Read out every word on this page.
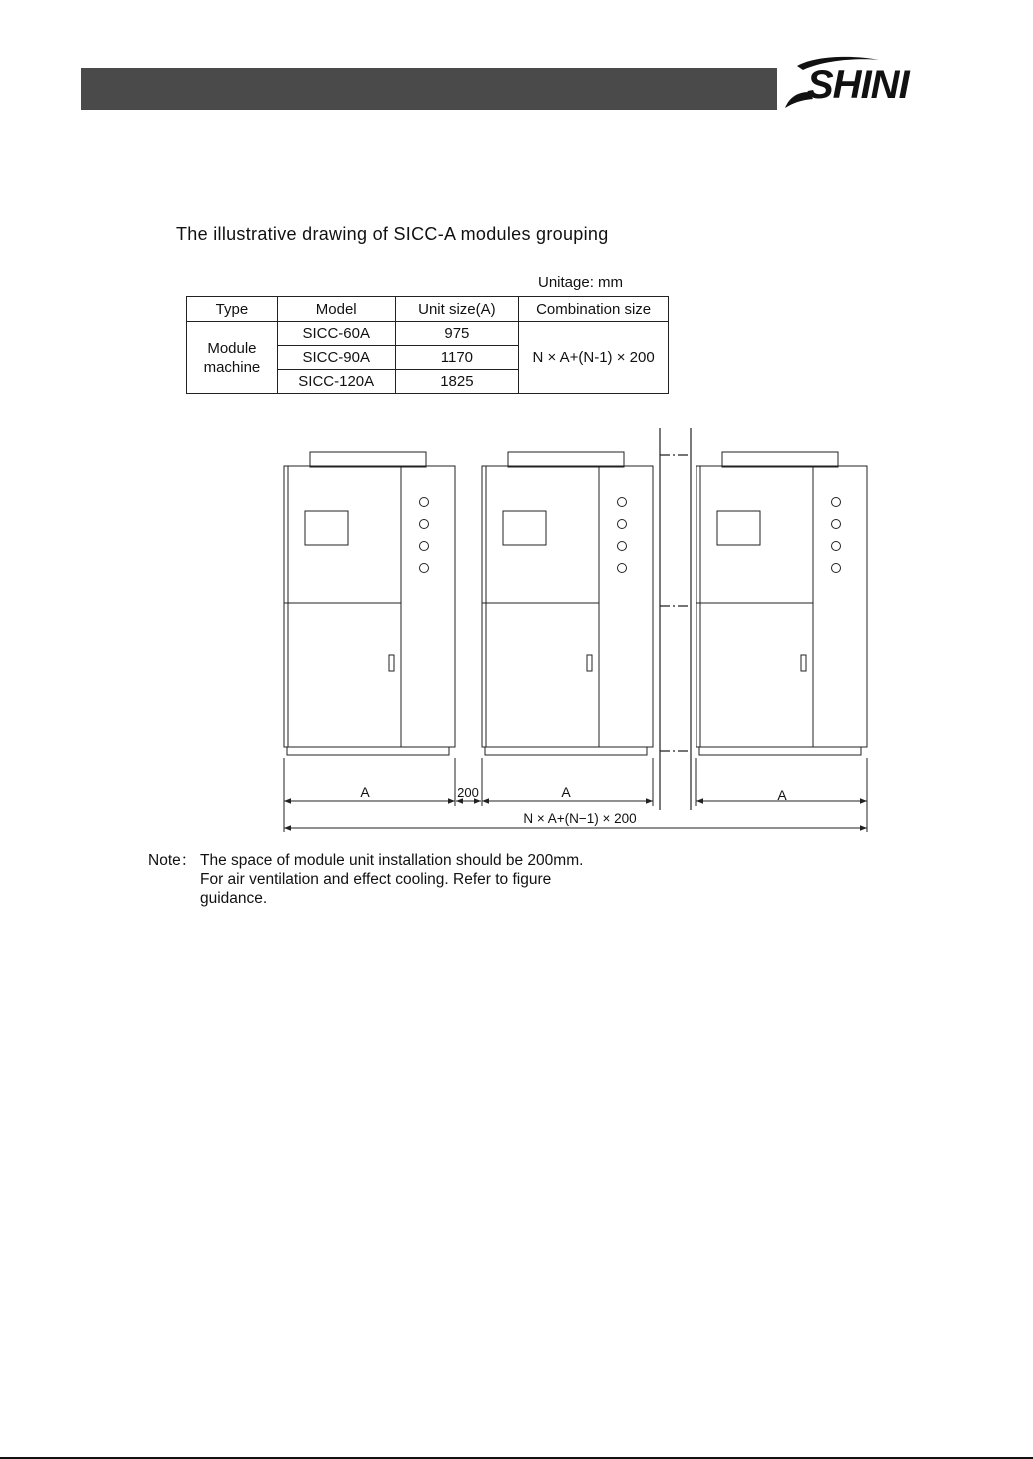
SHINI
The illustrative drawing of SICC-A modules grouping
Unitage: mm
Type	Model	Unit size(A)	Combination size
Module
machine	SICC-60A	975	N × A+(N-1) × 200
	SICC-90A	1170	
	SICC-120A	1825	
A	200	A	A
N × A+(N−1) × 200
Note： The space of module unit installation should be 200mm.
For air ventilation and effect cooling. Refer to figure
guidance.
